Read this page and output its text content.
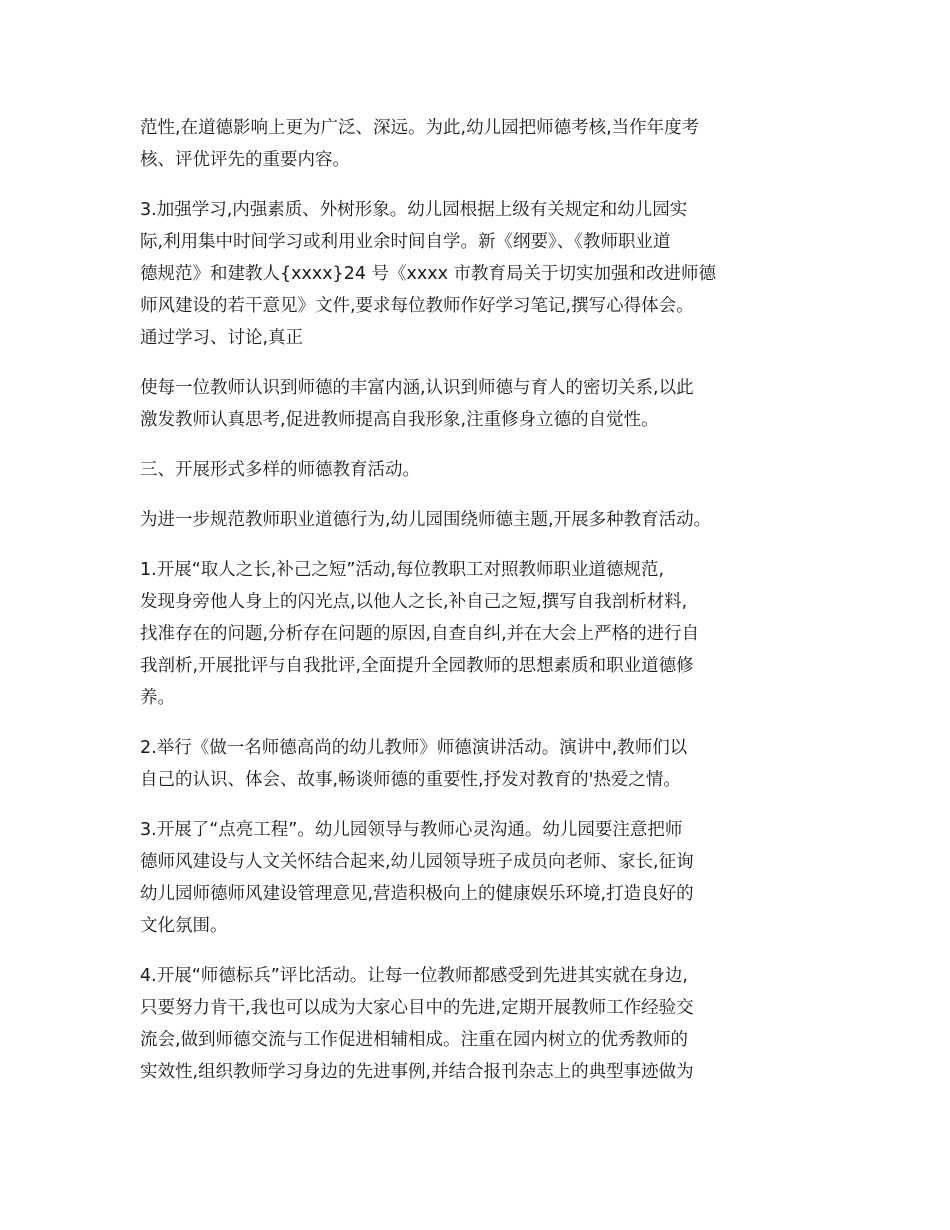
范性,在道德影响上更为广泛、深远。为此,幼儿园把师德考核,当作年度考
核、评优评先的重要内容。
3.加强学习,内强素质、外树形象。幼儿园根据上级有关规定和幼儿园实
际,利用集中时间学习或利用业余时间自学。新《纲要》、《教师职业道
德规范》和建教人{xxxx}24 号《xxxx 市教育局关于切实加强和改进师德
师风建设的若干意见》文件,要求每位教师作好学习笔记,撰写心得体会。
通过学习、讨论,真正
使每一位教师认识到师德的丰富内涵,认识到师德与育人的密切关系,以此
激发教师认真思考,促进教师提高自我形象,注重修身立德的自觉性。
三、开展形式多样的师德教育活动。
为进一步规范教师职业道德行为,幼儿园围绕师德主题,开展多种教育活动。
1.开展“取人之长,补己之短”活动,每位教职工对照教师职业道德规范,
发现身旁他人身上的闪光点,以他人之长,补自己之短,撰写自我剖析材料,
找准存在的问题,分析存在问题的原因,自查自纠,并在大会上严格的进行自
我剖析,开展批评与自我批评,全面提升全园教师的思想素质和职业道德修
养。
2.举行《做一名师德高尚的幼儿教师》师德演讲活动。演讲中,教师们以
自己的认识、体会、故事,畅谈师德的重要性,抒发对教育的'热爱之情。
3.开展了“点亮工程”。幼儿园领导与教师心灵沟通。幼儿园要注意把师
德师风建设与人文关怀结合起来,幼儿园领导班子成员向老师、家长,征询
幼儿园师德师风建设管理意见,营造积极向上的健康娱乐环境,打造良好的
文化氛围。
4.开展“师德标兵”评比活动。让每一位教师都感受到先进其实就在身边,
只要努力肯干,我也可以成为大家心目中的先进,定期开展教师工作经验交
流会,做到师德交流与工作促进相辅相成。注重在园内树立的优秀教师的
实效性,组织教师学习身边的先进事例,并结合报刊杂志上的典型事迹做为
